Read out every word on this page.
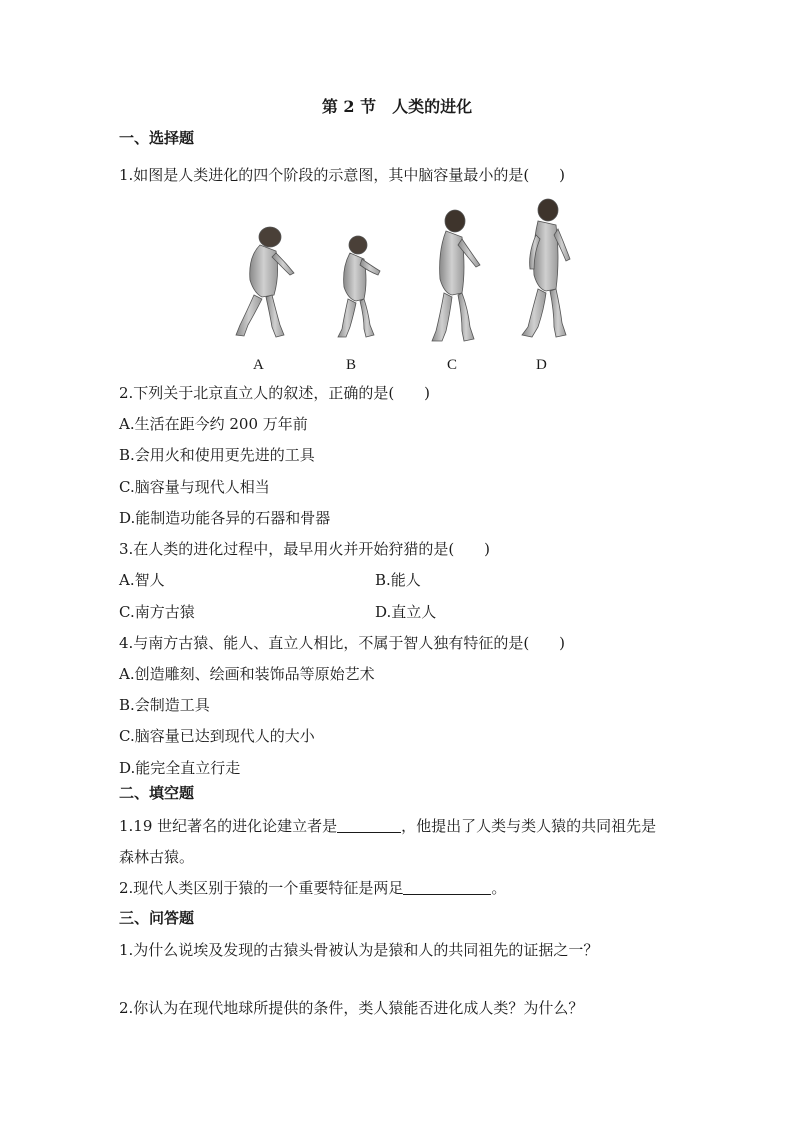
第 2 节　人类的进化
一、选择题
1.如图是人类进化的四个阶段的示意图，其中脑容量最小的是(　　)
A	B	C	D
2.下列关于北京直立人的叙述，正确的是(　　)
A.生活在距今约 200 万年前
B.会用火和使用更先进的工具
C.脑容量与现代人相当
D.能制造功能各异的石器和骨器
3.在人类的进化过程中，最早用火并开始狩猎的是(　　)
A.智人	B.能人
C.南方古猿	D.直立人
4.与南方古猿、能人、直立人相比，不属于智人独有特征的是(　　)
A.创造雕刻、绘画和装饰品等原始艺术
B.会制造工具
C.脑容量已达到现代人的大小
D.能完全直立行走
二、填空题
1.19 世纪著名的进化论建立者是	，他提出了人类与类人猿的共同祖先是
森林古猿。
2.现代人类区别于猿的一个重要特征是两足	。
三、问答题
1.为什么说埃及发现的古猿头骨被认为是猿和人的共同祖先的证据之一？
2.你认为在现代地球所提供的条件，类人猿能否进化成人类？为什么？
